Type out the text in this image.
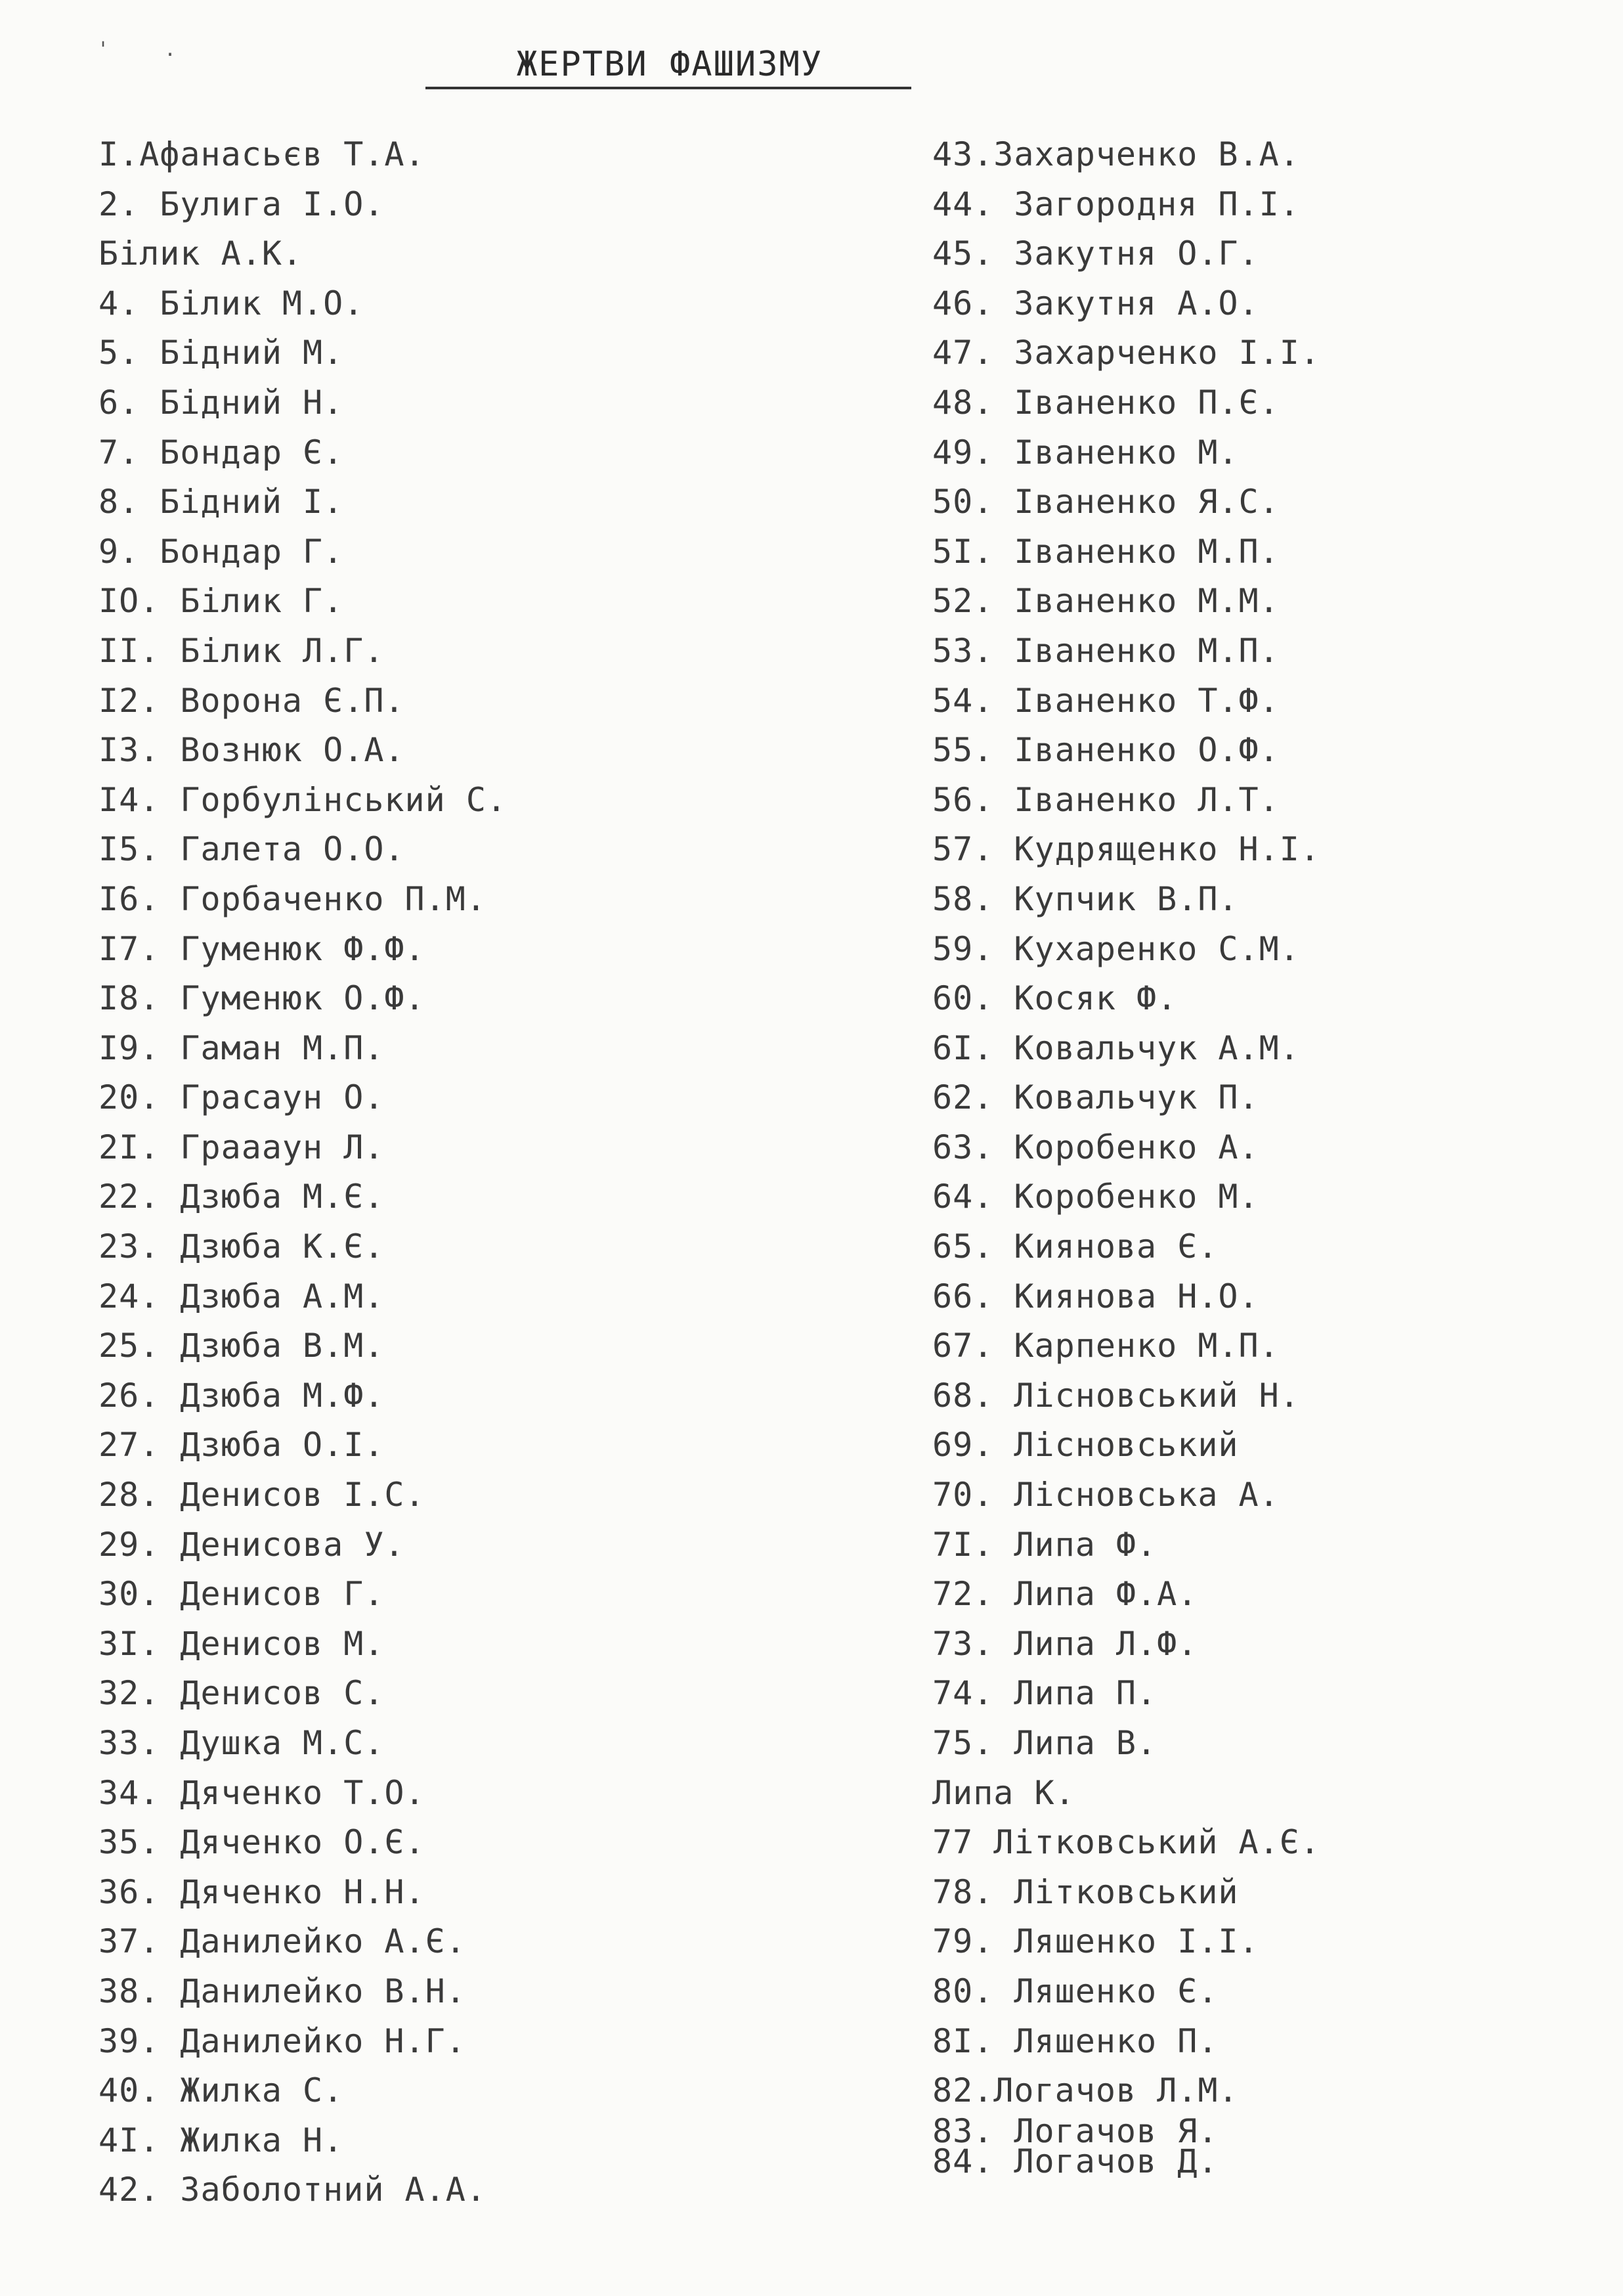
'	.	ЖЕРТВИ ФАШИЗМУ
I.Афанасьєв Т.А.
2. Булига І.О.
Білик А.К.
4. Білик М.О.
5. Бідний М.
6. Бідний Н.
7. Бондар Є.
8. Бідний І.
9. Бондар Г.
IO. Білик Г.
II. Білик Л.Г.
I2. Ворона Є.П.
I3. Вознюк О.А.
I4. Горбулінський С.
I5. Галета О.О.
I6. Горбаченко П.М.
I7. Гуменюк Ф.Ф.
I8. Гуменюк О.Ф.
I9. Гаман М.П.
20. Грасаун О.
2I. Грааaун Л.
22. Дзюба М.Є.
23. Дзюба К.Є.
24. Дзюба А.М.
25. Дзюба В.М.
26. Дзюба М.Ф.
27. Дзюба О.І.
28. Денисов І.С.
29. Денисова У.
30. Денисов Г.
3I. Денисов М.
32. Денисов С.
33. Душка М.С.
34. Дяченко Т.О.
35. Дяченко О.Є.
36. Дяченко Н.Н.
37. Данилейко А.Є.
38. Данилейко В.Н.
39. Данилейко Н.Г.
40. Жилка С.
4I. Жилка Н.
42. Заболотний А.А.
43.Захарченко В.А.
44. Загородня П.І.
45. Закутня О.Г.
46. Закутня А.О.
47. Захарченко І.І.
48. Іваненко П.Є.
49. Іваненко М.
50. Іваненко Я.С.
5I. Іваненко М.П.
52. Іваненко М.М.
53. Іваненко М.П.
54. Іваненко Т.Ф.
55. Іваненко О.Ф.
56. Іваненко Л.Т.
57. Кудрященко Н.І.
58. Купчик В.П.
59. Кухаренко С.М.
60. Косяк Ф.
6I. Ковальчук А.М.
62. Ковальчук П.
63. Коробенко А.
64. Коробенко М.
65. Киянова Є.
66. Киянова Н.О.
67. Карпенко М.П.
68. Лісновський Н.
69. Лісновський
70. Лісновська А.
7I. Липа Ф.
72. Липа Ф.А.
73. Липа Л.Ф.
74. Липа П.
75. Липа В.
Липа К.
77 Літковський А.Є.
78. Літковський
79. Ляшенко І.І.
80. Ляшенко Є.
8I. Ляшенко П.
82.Логачов Л.М.
83. Логачов Я.
84. Логачов Д.
